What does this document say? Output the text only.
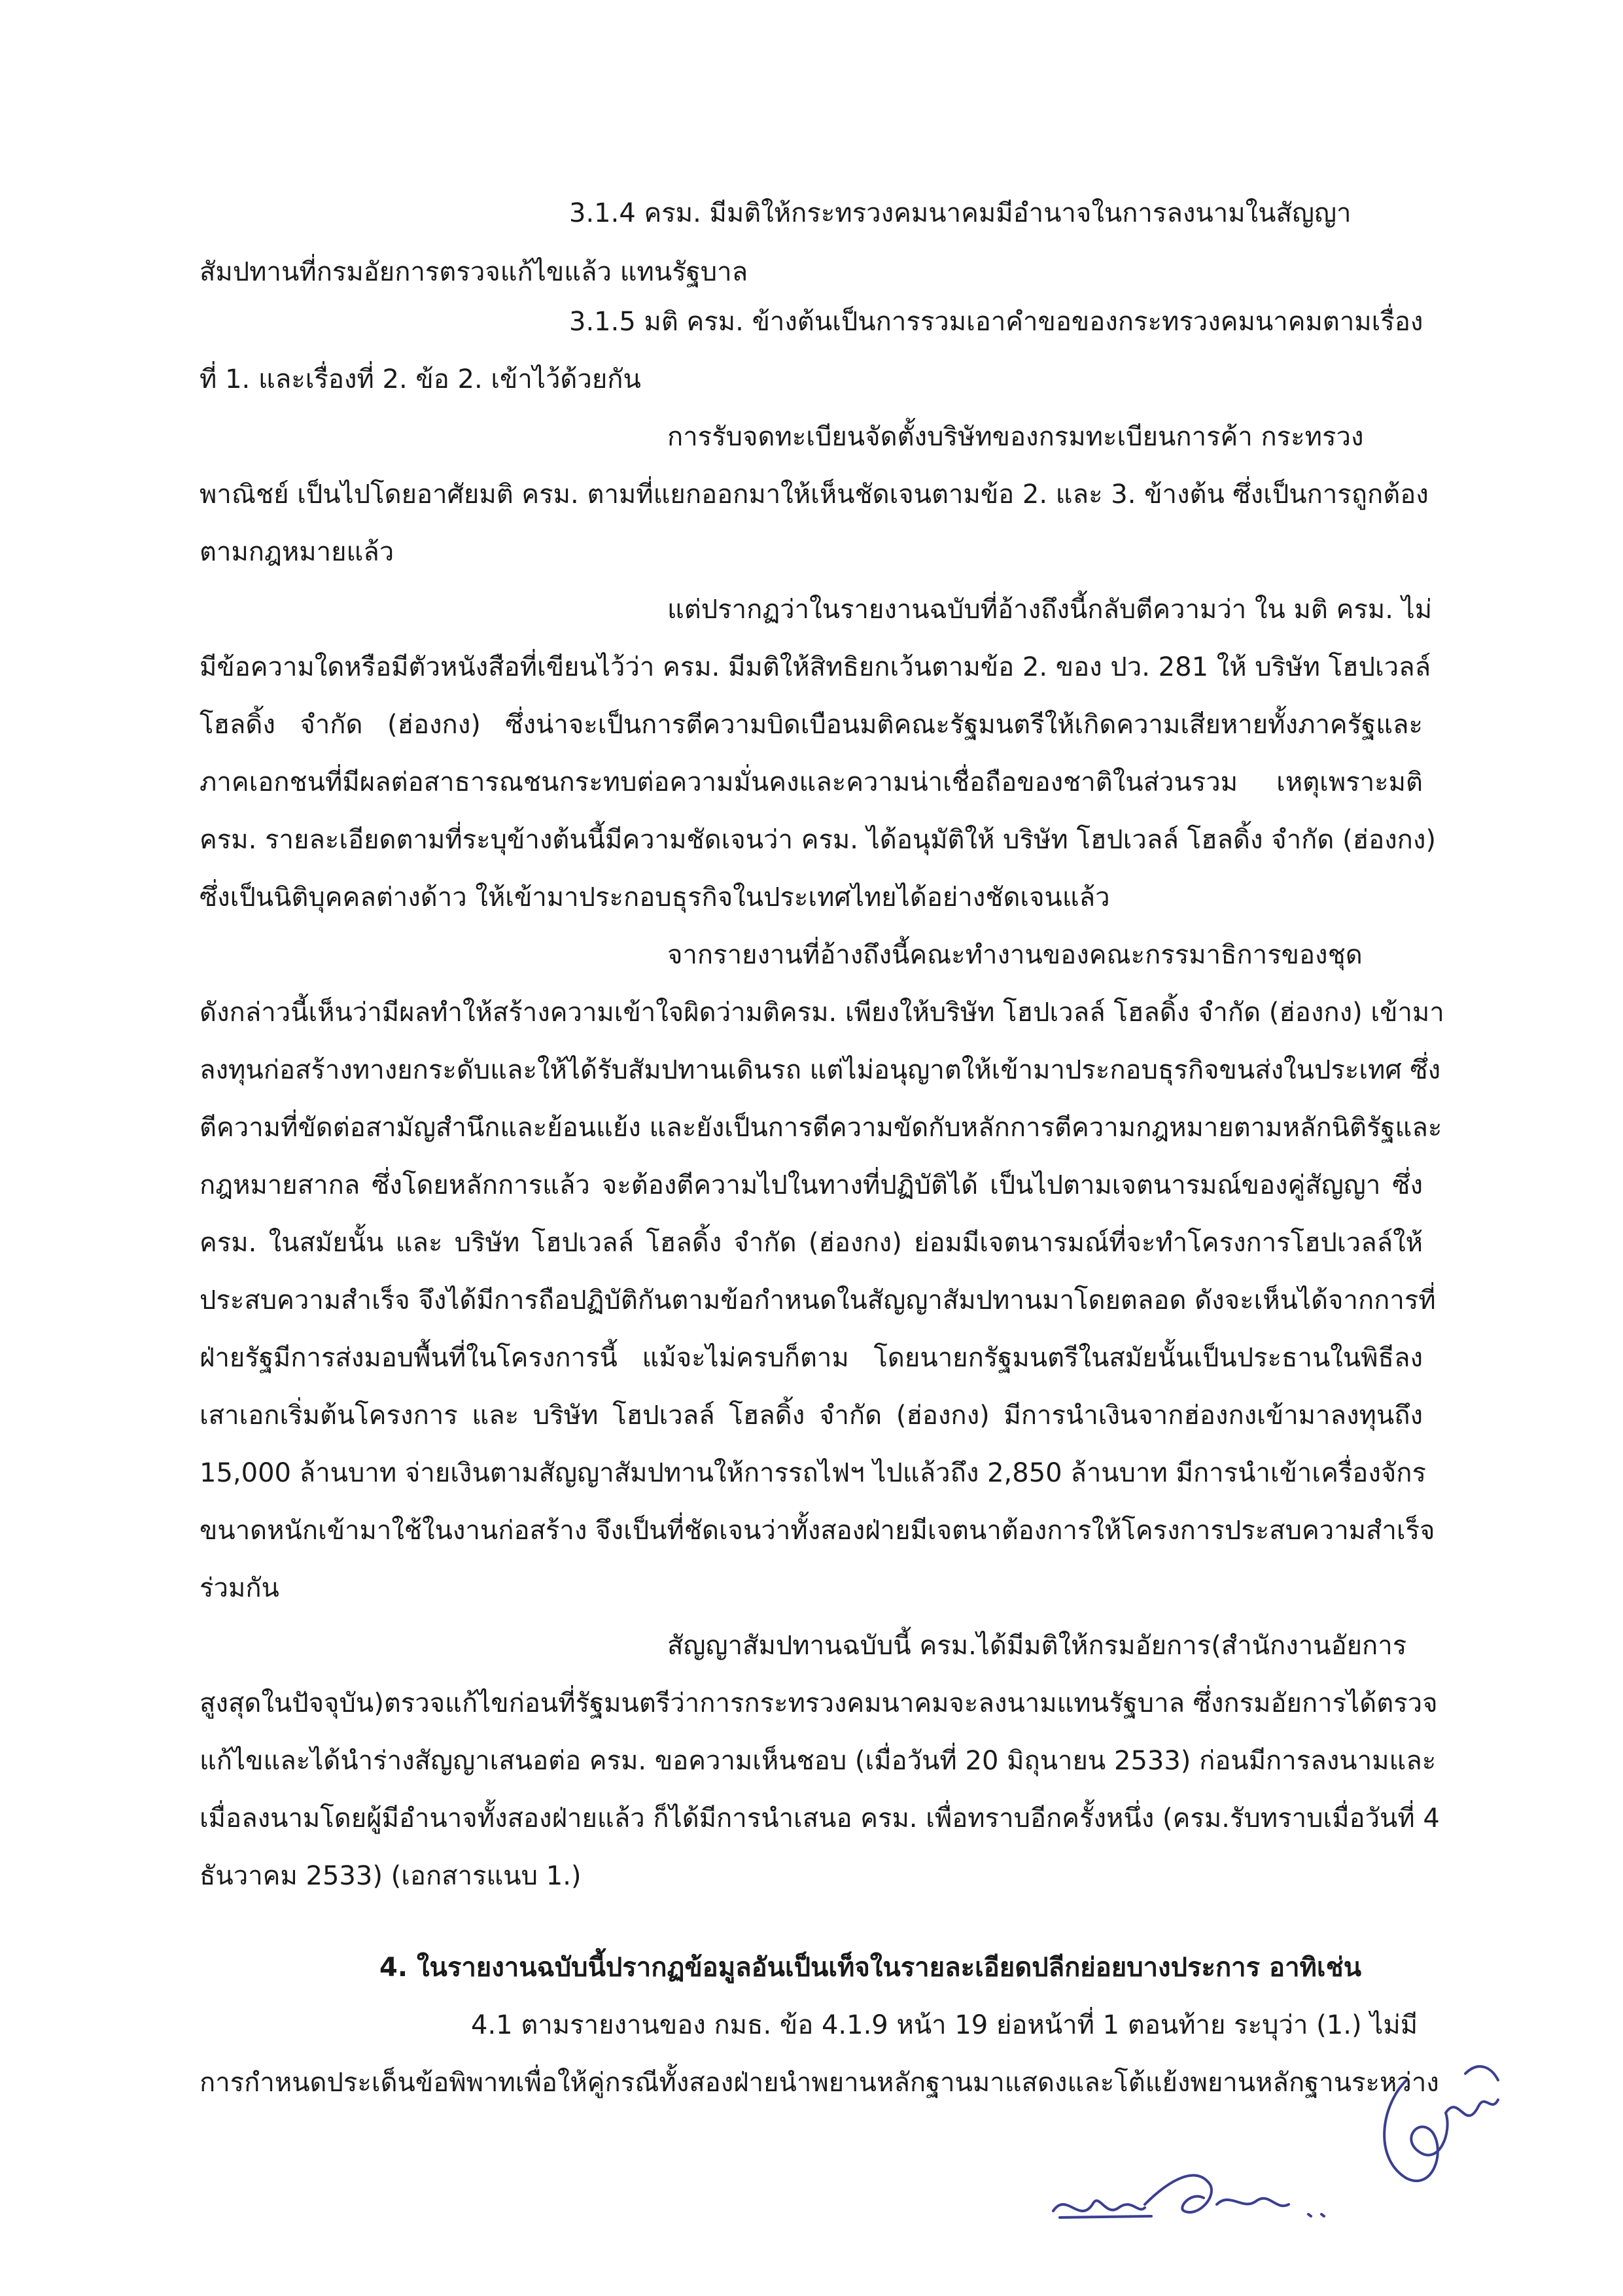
3.1.4 ครม. มีมติให้กระทรวงคมนาคมมีอำนาจในการลงนามในสัญญา
สัมปทานที่กรมอัยการตรวจแก้ไขแล้ว แทนรัฐบาล
3.1.5 มติ ครม. ข้างต้นเป็นการรวมเอาคำขอของกระทรวงคมนาคมตามเรื่อง
ที่ 1. และเรื่องที่ 2. ข้อ 2. เข้าไว้ด้วยกัน
การรับจดทะเบียนจัดตั้งบริษัทของกรมทะเบียนการค้า กระทรวง
พาณิชย์ เป็นไปโดยอาศัยมติ ครม. ตามที่แยกออกมาให้เห็นชัดเจนตามข้อ 2. และ 3. ข้างต้น ซึ่งเป็นการถูกต้อง
ตามกฎหมายแล้ว
แต่ปรากฏว่าในรายงานฉบับที่อ้างถึงนี้กลับตีความว่า ใน มติ ครม. ไม่
มีข้อความใดหรือมีตัวหนังสือที่เขียนไว้ว่า ครม. มีมติให้สิทธิยกเว้นตามข้อ 2. ของ ปว. 281 ให้ บริษัท โฮปเวลล์
โฮลดิ้ง จำกัด (ฮ่องกง) ซึ่งน่าจะเป็นการตีความบิดเบือนมติคณะรัฐมนตรีให้เกิดความเสียหายทั้งภาครัฐและ
ภาคเอกชนที่มีผลต่อสาธารณชนกระทบต่อความมั่นคงและความน่าเชื่อถือของชาติในส่วนรวม เหตุเพราะมติ
ครม. รายละเอียดตามที่ระบุข้างต้นนี้มีความชัดเจนว่า ครม. ได้อนุมัติให้ บริษัท โฮปเวลล์ โฮลดิ้ง จำกัด (ฮ่องกง)
ซึ่งเป็นนิติบุคคลต่างด้าว ให้เข้ามาประกอบธุรกิจในประเทศไทยได้อย่างชัดเจนแล้ว
จากรายงานที่อ้างถึงนี้คณะทำงานของคณะกรรมาธิการของชุด
ดังกล่าวนี้เห็นว่ามีผลทำให้สร้างความเข้าใจผิดว่ามติครม. เพียงให้บริษัท โฮปเวลล์ โฮลดิ้ง จำกัด (ฮ่องกง) เข้ามา
ลงทุนก่อสร้างทางยกระดับและให้ได้รับสัมปทานเดินรถ แต่ไม่อนุญาตให้เข้ามาประกอบธุรกิจขนส่งในประเทศ ซึ่ง
ตีความที่ขัดต่อสามัญสำนึกและย้อนแย้ง และยังเป็นการตีความขัดกับหลักการตีความกฎหมายตามหลักนิติรัฐและ
กฎหมายสากล ซึ่งโดยหลักการแล้ว จะต้องตีความไปในทางที่ปฏิบัติได้ เป็นไปตามเจตนารมณ์ของคู่สัญญา ซึ่ง
ครม. ในสมัยนั้น และ บริษัท โฮปเวลล์ โฮลดิ้ง จำกัด (ฮ่องกง) ย่อมมีเจตนารมณ์ที่จะทำโครงการโฮปเวลล์ให้
ประสบความสำเร็จ จึงได้มีการถือปฏิบัติกันตามข้อกำหนดในสัญญาสัมปทานมาโดยตลอด ดังจะเห็นได้จากการที่
ฝ่ายรัฐมีการส่งมอบพื้นที่ในโครงการนี้ แม้จะไม่ครบก็ตาม โดยนายกรัฐมนตรีในสมัยนั้นเป็นประธานในพิธีลง
เสาเอกเริ่มต้นโครงการ และ บริษัท โฮปเวลล์ โฮลดิ้ง จำกัด (ฮ่องกง) มีการนำเงินจากฮ่องกงเข้ามาลงทุนถึง
15,000 ล้านบาท จ่ายเงินตามสัญญาสัมปทานให้การรถไฟฯ ไปแล้วถึง 2,850 ล้านบาท มีการนำเข้าเครื่องจักร
ขนาดหนักเข้ามาใช้ในงานก่อสร้าง จึงเป็นที่ชัดเจนว่าทั้งสองฝ่ายมีเจตนาต้องการให้โครงการประสบความสำเร็จ
ร่วมกัน
สัญญาสัมปทานฉบับนี้ ครม.ได้มีมติให้กรมอัยการ(สำนักงานอัยการ
สูงสุดในปัจจุบัน)ตรวจแก้ไขก่อนที่รัฐมนตรีว่าการกระทรวงคมนาคมจะลงนามแทนรัฐบาล ซึ่งกรมอัยการได้ตรวจ
แก้ไขและได้นำร่างสัญญาเสนอต่อ ครม. ขอความเห็นชอบ (เมื่อวันที่ 20 มิถุนายน 2533) ก่อนมีการลงนามและ
เมื่อลงนามโดยผู้มีอำนาจทั้งสองฝ่ายแล้ว ก็ได้มีการนำเสนอ ครม. เพื่อทราบอีกครั้งหนึ่ง (ครม.รับทราบเมื่อวันที่ 4
ธันวาคม 2533) (เอกสารแนบ 1.)
4. ในรายงานฉบับนี้ปรากฏข้อมูลอันเป็นเท็จในรายละเอียดปลีกย่อยบางประการ อาทิเช่น
4.1 ตามรายงานของ กมธ. ข้อ 4.1.9 หน้า 19 ย่อหน้าที่ 1 ตอนท้าย ระบุว่า (1.) ไม่มี
การกำหนดประเด็นข้อพิพาทเพื่อให้คู่กรณีทั้งสองฝ่ายนำพยานหลักฐานมาแสดงและโต้แย้งพยานหลักฐานระหว่าง
